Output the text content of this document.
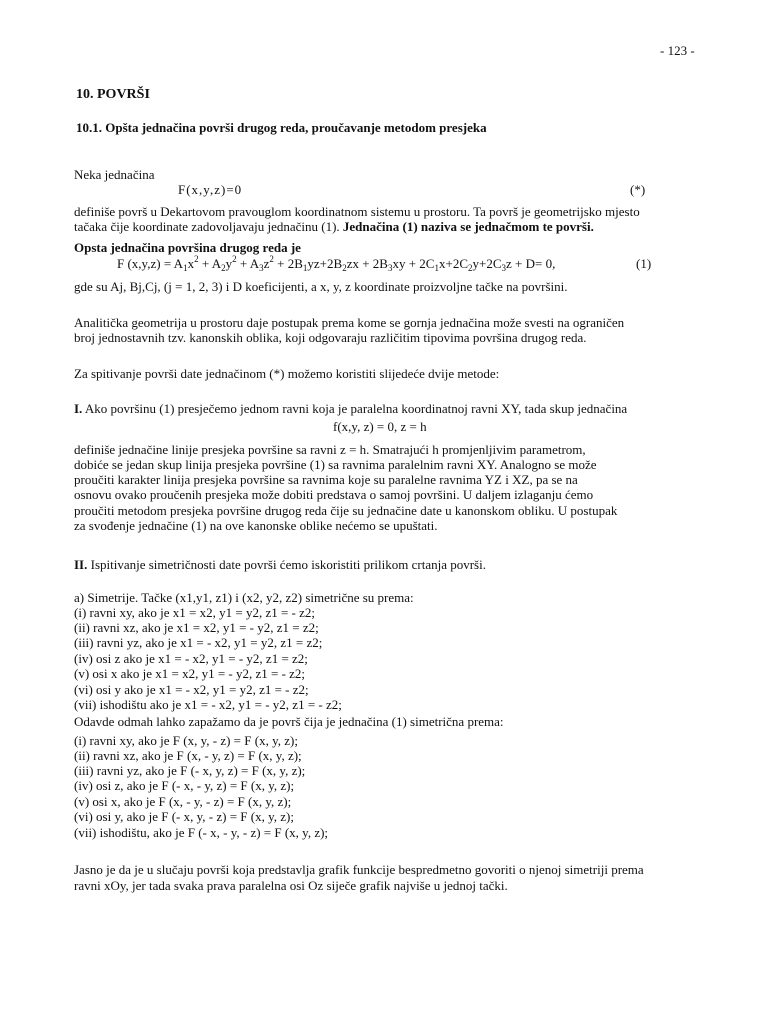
- 123 -
10. POVRŠI
10.1. Opšta jednačina površi drugog reda, proučavanje metodom presjeka
Neka jednačina
F(x,y,z)=0	(*)
definiše površ u Dekartovom pravouglom koordinatnom sistemu u prostoru. Ta površ je geometrijsko mjesto
tačaka čije koordinate zadovoljavaju jednačinu (1). Jednačina (1) naziva se jednačmom te površi.
Opsta jednačina površina drugog reda je
F $(x,y,z) = A_1x^2 + A_2y^2 + A_3z^2 + 2B_1yz+2B_2zx + 2B_3xy + 2C_1x+2C_2y+2C_3z + D= 0$,	(1)
gde su Aj, Bj,Cj, (j = 1, 2, 3) i D koeficijenti, a x, y, z koordinate proizvoljne tačke na površini.
Analitička geometrija u prostoru daje postupak prema kome se gornja jednačina može svesti na ograničen
broj jednostavnih tzv. kanonskih oblika, koji odgovaraju različitim tipovima površina drugog reda.
Za spitivanje površi date jednačinom (*) možemo koristiti slijedeće dvije metode:
I. Ako površinu (1) presječemo jednom ravni koja je paralelna koordinatnoj ravni XY, tada skup jednačina
f(x,y, z) = 0, z = h
definiše jednačine linije presjeka površine sa ravni z = h. Smatrajući h promjenljivim parametrom,
dobiće se jedan skup linija presjeka površine (1) sa ravnima paralelnim ravni XY. Analogno se može
proučiti karakter linija presjeka površine sa ravnima koje su paralelne ravnima YZ i XZ, pa se na
osnovu ovako proučenih presjeka može dobiti predstava o samoj površini. U daljem izlaganju ćemo
proučiti metodom presjeka površine drugog reda čije su jednačine date u kanonskom obliku. U postupak
za svođenje jednačine (1) na ove kanonske oblike nećemo se upuštati.
II. Ispitivanje simetričnosti date površi ćemo iskoristiti prilikom crtanja površi.
a) Simetrije. Tačke (x1,y1, z1) i (x2, y2, z2) simetrične su prema:
(i) ravni xy, ako je x1 = x2, y1 = y2, z1 = - z2;
(ii) ravni xz, ako je x1 = x2, y1 = - y2, z1 = z2;
(iii) ravni yz, ako je x1 = - x2, y1 = y2, z1 = z2;
(iv) osi z ako je x1 = - x2, y1 = - y2, z1 = z2;
(v) osi x ako je x1 = x2, y1 = - y2, z1 = - z2;
(vi) osi y ako je x1 = - x2, y1 = y2, z1 = - z2;
(vii) ishodištu ako je x1 = - x2, y1 = - y2, z1 = - z2;
Odavde odmah lahko zapažamo da je površ čija je jednačina (1) simetrična prema:
(i) ravni xy, ako je F (x, y, - z) = F (x, y, z);
(ii) ravni xz, ako je F (x, - y, z) = F (x, y, z);
(iii) ravni yz, ako je F (- x, y, z) = F (x, y, z);
(iv) osi z, ako je F (- x, - y, z) = F (x, y, z);
(v) osi x, ako je F (x, - y, - z) = F (x, y, z);
(vi) osi y, ako je F (- x, y, - z) = F (x, y, z);
(vii) ishodištu, ako je F (- x, - y, - z) = F (x, y, z);
Jasno je da je u slučaju površi koja predstavlja grafik funkcije bespredmetno govoriti o njenoj simetriji prema
ravni xOy, jer tada svaka prava paralelna osi Oz siječe grafik najviše u jednoj tački.
